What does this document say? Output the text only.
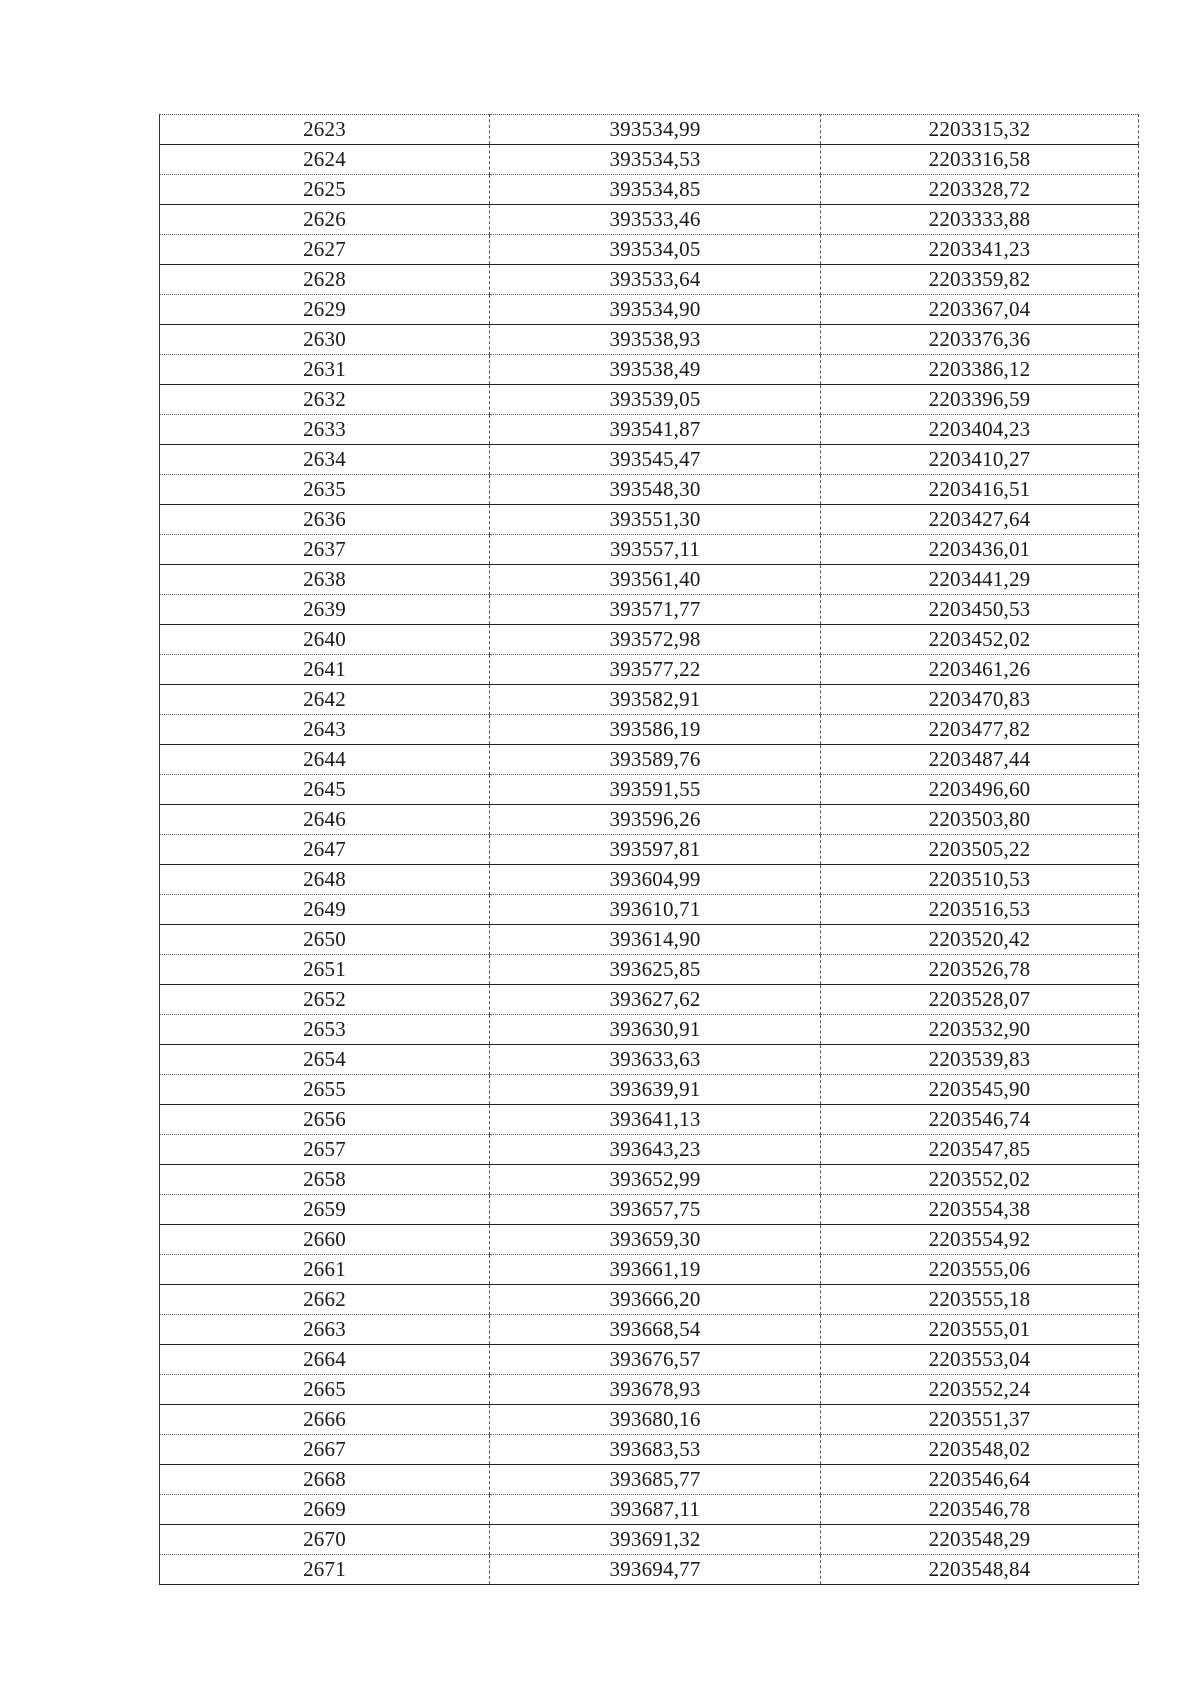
2623	393534,99	2203315,32
2624	393534,53	2203316,58
2625	393534,85	2203328,72
2626	393533,46	2203333,88
2627	393534,05	2203341,23
2628	393533,64	2203359,82
2629	393534,90	2203367,04
2630	393538,93	2203376,36
2631	393538,49	2203386,12
2632	393539,05	2203396,59
2633	393541,87	2203404,23
2634	393545,47	2203410,27
2635	393548,30	2203416,51
2636	393551,30	2203427,64
2637	393557,11	2203436,01
2638	393561,40	2203441,29
2639	393571,77	2203450,53
2640	393572,98	2203452,02
2641	393577,22	2203461,26
2642	393582,91	2203470,83
2643	393586,19	2203477,82
2644	393589,76	2203487,44
2645	393591,55	2203496,60
2646	393596,26	2203503,80
2647	393597,81	2203505,22
2648	393604,99	2203510,53
2649	393610,71	2203516,53
2650	393614,90	2203520,42
2651	393625,85	2203526,78
2652	393627,62	2203528,07
2653	393630,91	2203532,90
2654	393633,63	2203539,83
2655	393639,91	2203545,90
2656	393641,13	2203546,74
2657	393643,23	2203547,85
2658	393652,99	2203552,02
2659	393657,75	2203554,38
2660	393659,30	2203554,92
2661	393661,19	2203555,06
2662	393666,20	2203555,18
2663	393668,54	2203555,01
2664	393676,57	2203553,04
2665	393678,93	2203552,24
2666	393680,16	2203551,37
2667	393683,53	2203548,02
2668	393685,77	2203546,64
2669	393687,11	2203546,78
2670	393691,32	2203548,29
2671	393694,77	2203548,84
